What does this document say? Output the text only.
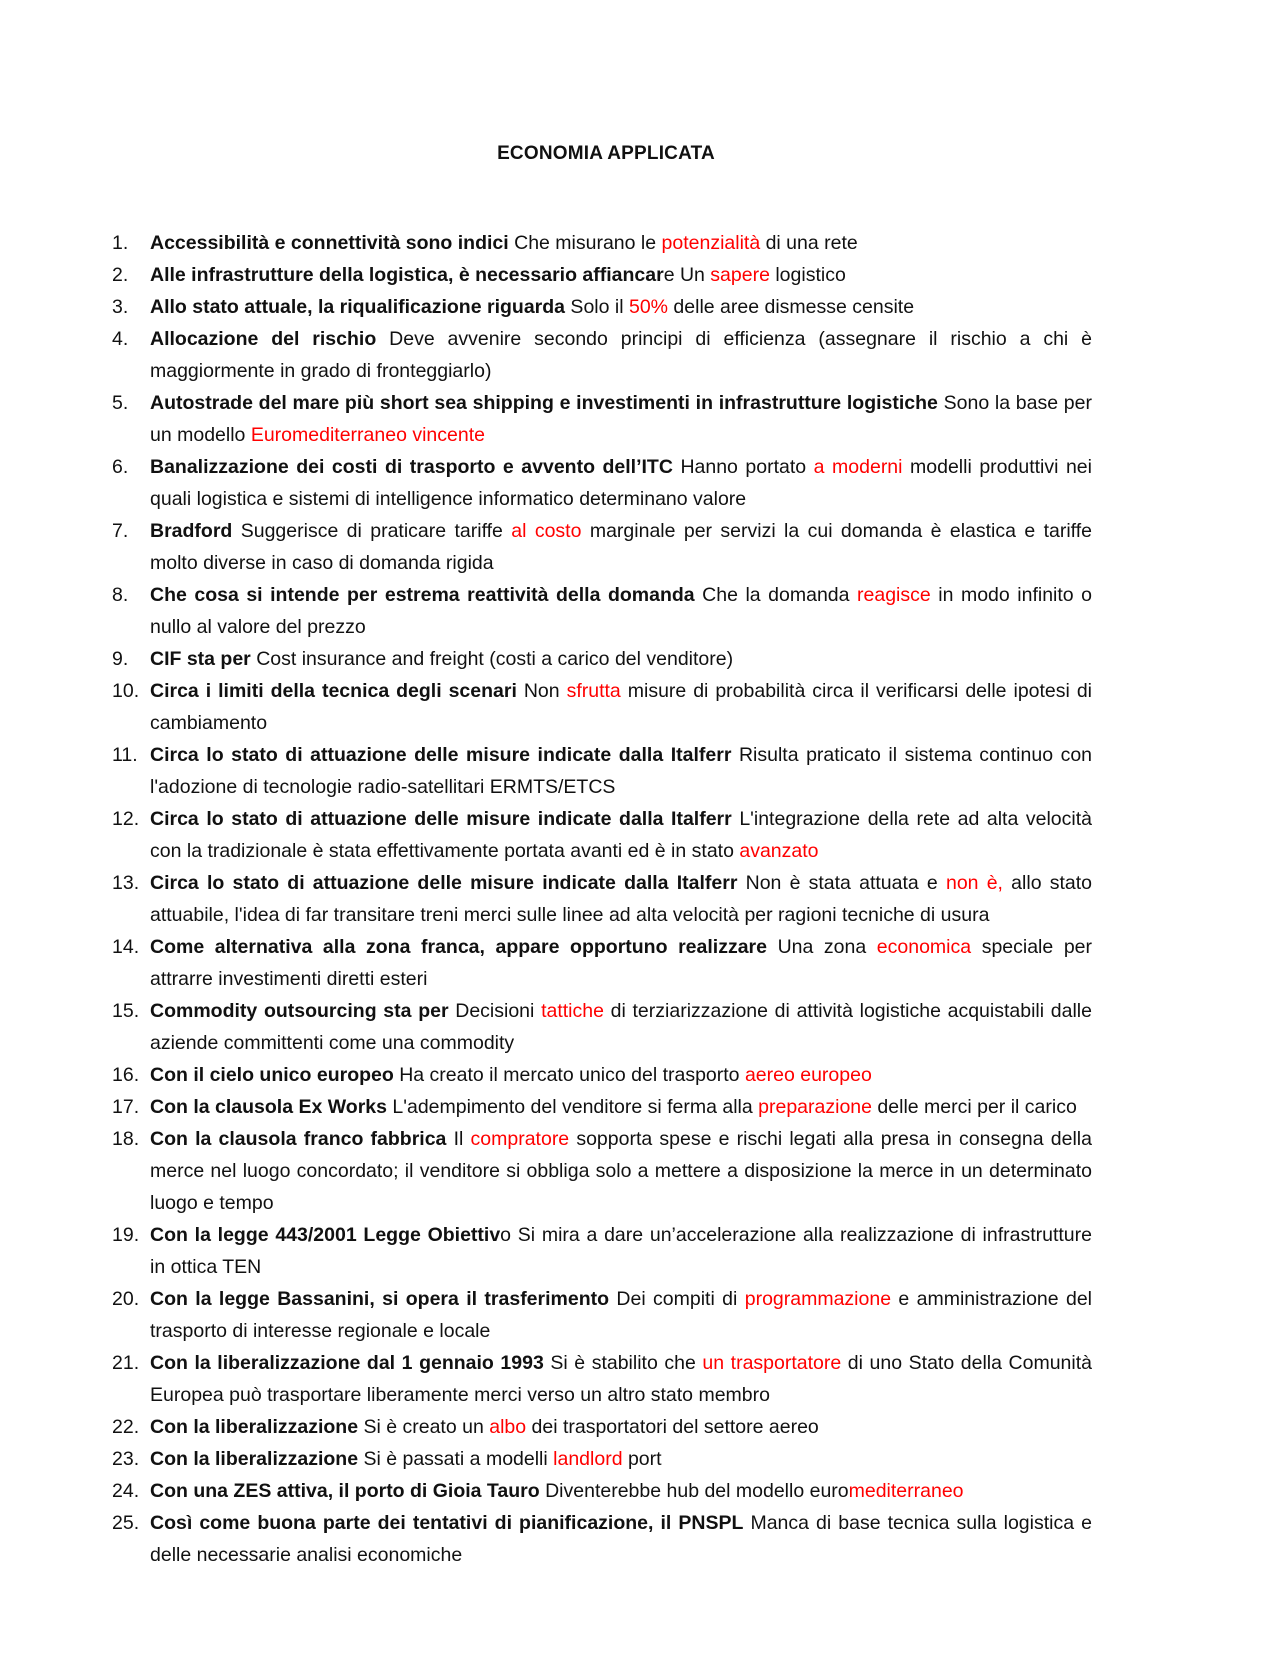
ECONOMIA APPLICATA
1. Accessibilità e connettività sono indici Che misurano le potenzialità di una rete
2. Alle infrastrutture della logistica, è necessario affiancare Un sapere logistico
3. Allo stato attuale, la riqualificazione riguarda Solo il 50% delle aree dismesse censite
4. Allocazione del rischio Deve avvenire secondo principi di efficienza (assegnare il rischio a chi è maggiormente in grado di fronteggiarlo)
5. Autostrade del mare più short sea shipping e investimenti in infrastrutture logistiche Sono la base per un modello Euromediterraneo vincente
6. Banalizzazione dei costi di trasporto e avvento dell’ITC Hanno portato a moderni modelli produttivi nei quali logistica e sistemi di intelligence informatico determinano valore
7. Bradford Suggerisce di praticare tariffe al costo marginale per servizi la cui domanda è elastica e tariffe molto diverse in caso di domanda rigida
8. Che cosa si intende per estrema reattività della domanda Che la domanda reagisce in modo infinito o nullo al valore del prezzo
9. CIF sta per Cost insurance and freight (costi a carico del venditore)
10. Circa i limiti della tecnica degli scenari Non sfrutta misure di probabilità circa il verificarsi delle ipotesi di cambiamento
11. Circa lo stato di attuazione delle misure indicate dalla Italferr Risulta praticato il sistema continuo con l'adozione di tecnologie radio-satellitari ERMTS/ETCS
12. Circa lo stato di attuazione delle misure indicate dalla Italferr L'integrazione della rete ad alta velocità con la tradizionale è stata effettivamente portata avanti ed è in stato avanzato
13. Circa lo stato di attuazione delle misure indicate dalla Italferr Non è stata attuata e non è, allo stato attuabile, l'idea di far transitare treni merci sulle linee ad alta velocità per ragioni tecniche di usura
14. Come alternativa alla zona franca, appare opportuno realizzare Una zona economica speciale per attrarre investimenti diretti esteri
15. Commodity outsourcing sta per Decisioni tattiche di terziarizzazione di attività logistiche acquistabili dalle aziende committenti come una commodity
16. Con il cielo unico europeo Ha creato il mercato unico del trasporto aereo europeo
17. Con la clausola Ex Works L'adempimento del venditore si ferma alla preparazione delle merci per il carico
18. Con la clausola franco fabbrica Il compratore sopporta spese e rischi legati alla presa in consegna della merce nel luogo concordato; il venditore si obbliga solo a mettere a disposizione la merce in un determinato luogo e tempo
19. Con la legge 443/2001 Legge Obiettivo Si mira a dare un’accelerazione alla realizzazione di infrastrutture in ottica TEN
20. Con la legge Bassanini, si opera il trasferimento Dei compiti di programmazione e amministrazione del trasporto di interesse regionale e locale
21. Con la liberalizzazione dal 1 gennaio 1993 Si è stabilito che un trasportatore di uno Stato della Comunità Europea può trasportare liberamente merci verso un altro stato membro
22. Con la liberalizzazione Si è creato un albo dei trasportatori del settore aereo
23. Con la liberalizzazione Si è passati a modelli landlord port
24. Con una ZES attiva, il porto di Gioia Tauro Diventerebbe hub del modello euromediterraneo
25. Così come buona parte dei tentativi di pianificazione, il PNSPL Manca di base tecnica sulla logistica e delle necessarie analisi economiche
